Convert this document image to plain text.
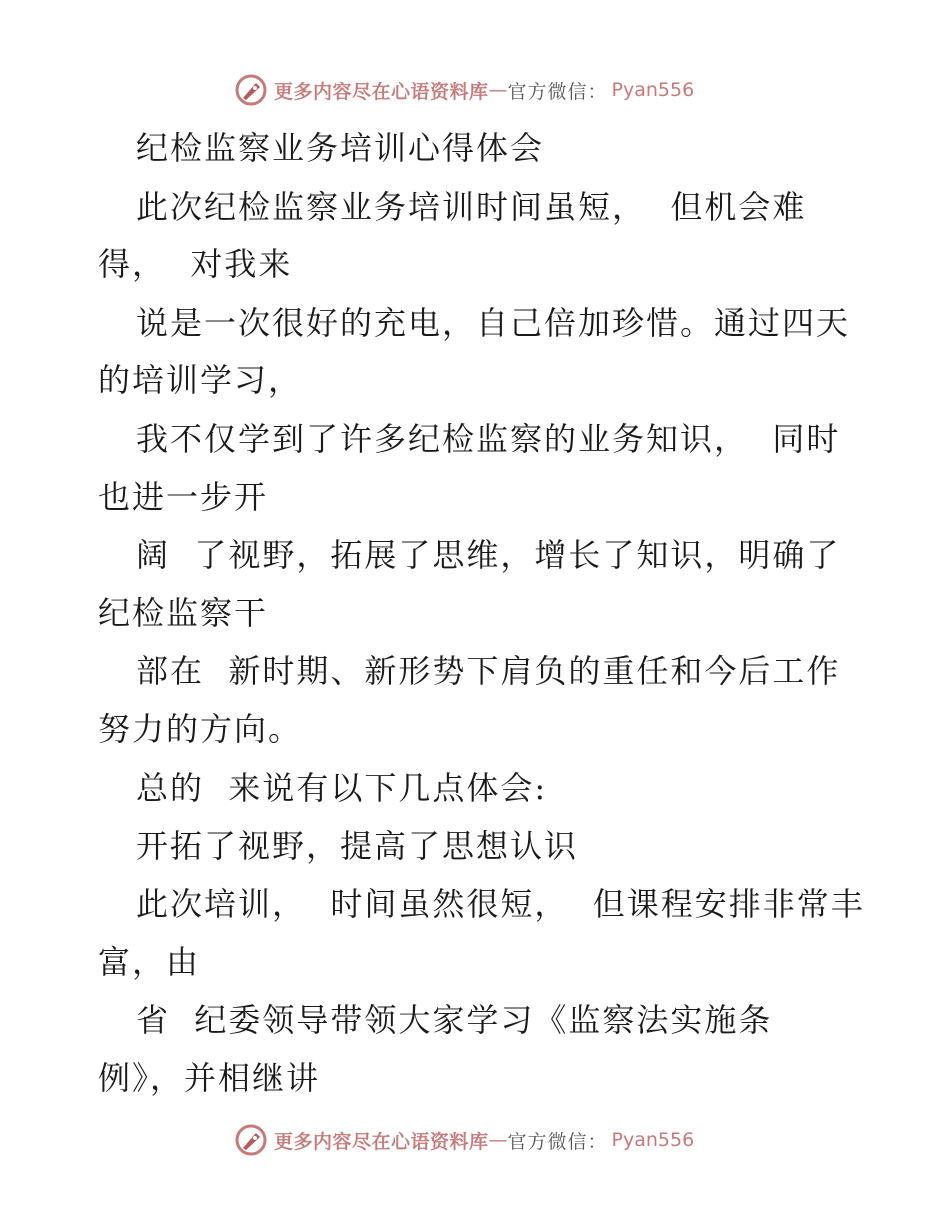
更多内容尽在心语资料库 — 官方微信： Pyan556
纪检监察业务培训心得体会
此次纪检监察业务培训时间虽短，  但机会难
得，  对我来
说是一次很好的充电，自己倍加珍惜。通过四天
的培训学习，
我不仅学到了许多纪检监察的业务知识，  同时
也进一步开
阔  了视野，拓展了思维，增长了知识，明确了
纪检监察干
部在  新时期、新形势下肩负的重任和今后工作
努力的方向。
总的  来说有以下几点体会:
开拓了视野，提高了思想认识
此次培训，  时间虽然很短，  但课程安排非常丰
富，由
省  纪委领导带领大家学习《监察法实施条
例》，并相继讲
更多内容尽在心语资料库 — 官方微信： Pyan556
